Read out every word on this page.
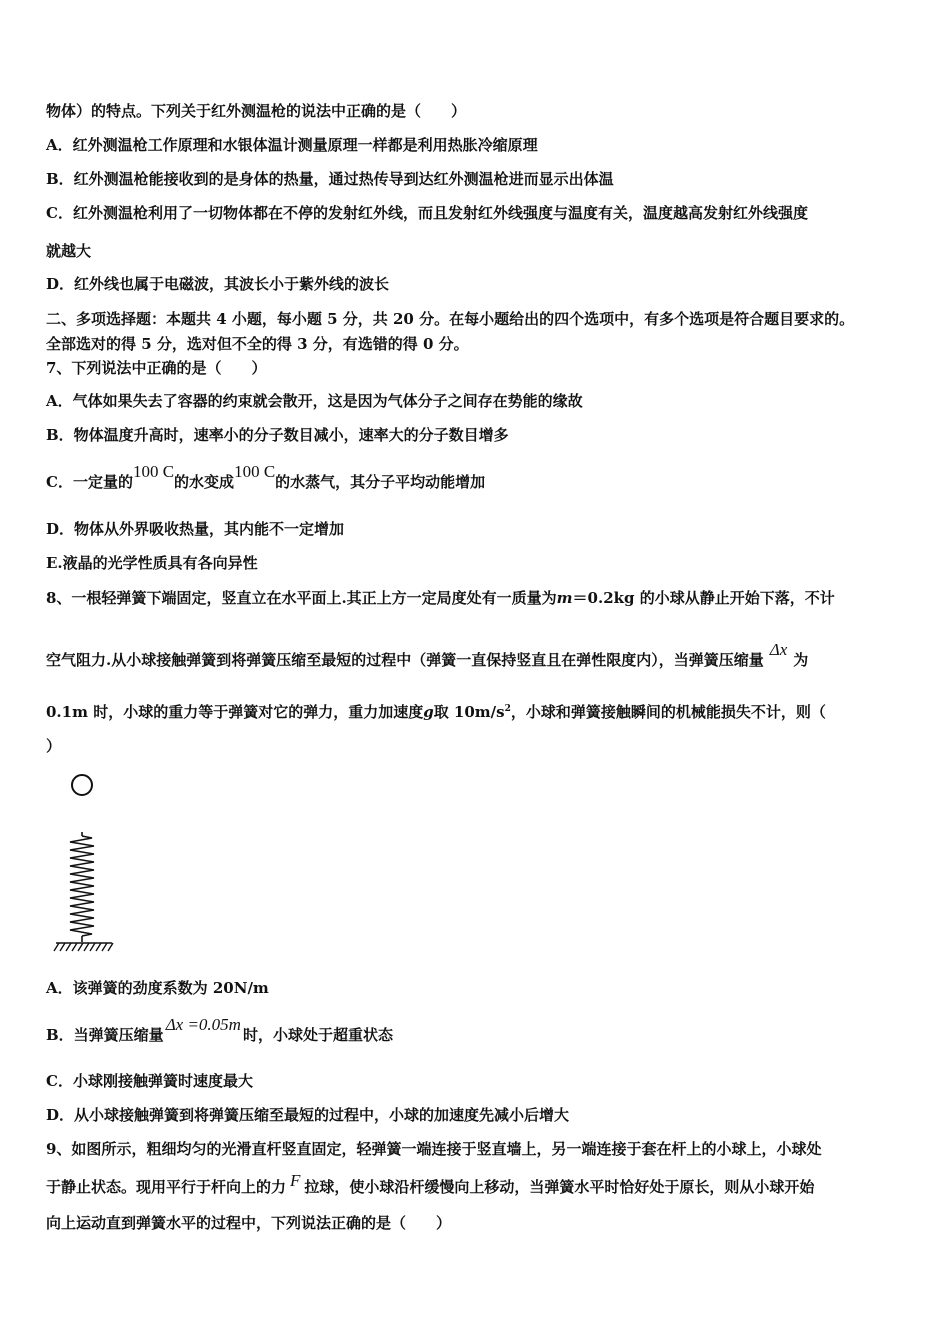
物体）的特点。下列关于红外测温枪的说法中正确的是（　　）
A．红外测温枪工作原理和水银体温计测量原理一样都是利用热胀冷缩原理
B．红外测温枪能接收到的是身体的热量，通过热传导到达红外测温枪进而显示出体温
C．红外测温枪利用了一切物体都在不停的发射红外线，而且发射红外线强度与温度有关，温度越高发射红外线强度
就越大
D．红外线也属于电磁波，其波长小于紫外线的波长
二、多项选择题：本题共 4 小题，每小题 5 分，共 20 分。在每小题给出的四个选项中，有多个选项是符合题目要求的。
全部选对的得 5 分，选对但不全的得 3 分，有选错的得 0 分。
7、下列说法中正确的是（　　）
A．气体如果失去了容器的约束就会散开，这是因为气体分子之间存在势能的缘故
B．物体温度升高时，速率小的分子数目减小，速率大的分子数目增多
C．一定量的100 C的水变成100 C的水蒸气，其分子平均动能增加
D．物体从外界吸收热量，其内能不一定增加
E.液晶的光学性质具有各向异性
8、一根轻弹簧下端固定，竖直立在水平面上.其正上方一定局度处有一质量为m＝0.2kg 的小球从静止开始下落，不计
空气阻力.从小球接触弹簧到将弹簧压缩至最短的过程中（弹簧一直保持竖直且在弹性限度内），当弹簧压缩量Δx为
0.1m 时，小球的重力等于弹簧对它的弹力，重力加速度g取 $10m/s^2$，小球和弹簧接触瞬间的机械能损失不计，则（
）
A．该弹簧的劲度系数为 20N/m
B．当弹簧压缩量Δx =0.05m时，小球处于超重状态
C．小球刚接触弹簧时速度最大
D．从小球接触弹簧到将弹簧压缩至最短的过程中，小球的加速度先减小后增大
9、如图所示，粗细均匀的光滑直杆竖直固定，轻弹簧一端连接于竖直墙上，另一端连接于套在杆上的小球上，小球处
于静止状态。现用平行于杆向上的力 F 拉球，使小球沿杆缓慢向上移动，当弹簧水平时恰好处于原长，则从小球开始
向上运动直到弹簧水平的过程中，下列说法正确的是（　　）
